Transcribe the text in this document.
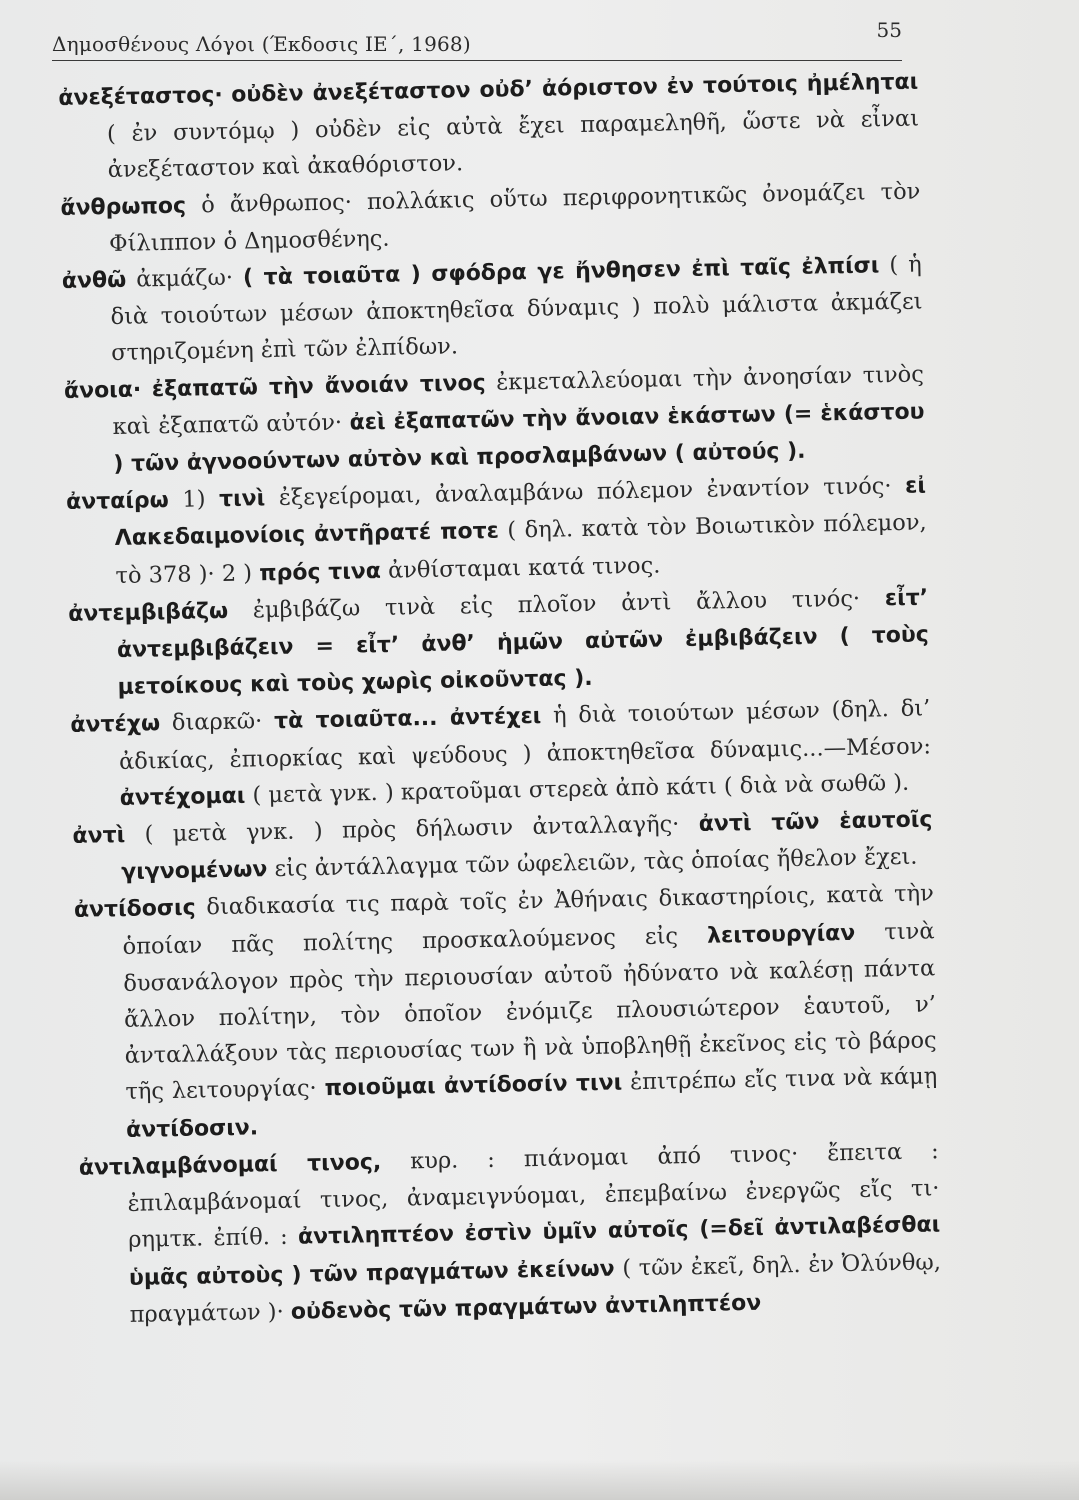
Δημοσθένους Λόγοι (Έκδοσις ΙΕ΄, 1968)
55

ἀνεξέταστος· οὐδὲν ἀνεξέταστον οὐδ’ ἀόριστον ἐν τούτοις ἠμέληται ( ἐν συντόμῳ ) οὐδὲν εἰς αὐτὰ ἔχει παραμεληθῆ, ὥστε νὰ εἶναι ἀνεξέταστον καὶ ἀκαθόριστον.

ἄνθρωπος ὁ ἄνθρωπος· πολλάκις οὕτω περιφρονητικῶς ὀνομάζει τὸν Φίλιππον ὁ Δημοσθένης.

ἀνθῶ ἀκμάζω· ( τὰ τοιαῦτα ) σφόδρα γε ἤνθησεν ἐπὶ ταῖς ἐλπίσι ( ἡ διὰ τοιούτων μέσων ἀποκτηθεῖσα δύναμις ) πολὺ μάλιστα ἀκμάζει στηριζομένη ἐπὶ τῶν ἐλπίδων.

ἄνοια· ἐξαπατῶ τὴν ἄνοιάν τινος ἐκμεταλλεύομαι τὴν ἀνοησίαν τινὸς καὶ ἐξαπατῶ αὐτόν· ἀεὶ ἐξαπατῶν τὴν ἄνοιαν ἑκάστων (= ἑκάστου ) τῶν ἀγνοούντων αὐτὸν καὶ προσλαμβάνων ( αὐτούς ).

ἀνταίρω 1) τινὶ ἐξεγείρομαι, ἀναλαμβάνω πόλεμον ἐναντίον τινός· εἰ Λακεδαιμονίοις ἀντῆρατέ ποτε ( δηλ. κατὰ τὸν Βοιωτικὸν πόλεμον, τὸ 378 )· 2 ) πρός τινα ἀνθίσταμαι κατά τινος.

ἀντεμβιβάζω ἐμβιβάζω τινὰ εἰς πλοῖον ἀντὶ ἄλλου τινός· εἶτ’ ἀντεμβιβάζειν = εἶτ’ ἀνθ’ ἡμῶν αὐτῶν ἐμβιβάζειν ( τοὺς μετοίκους καὶ τοὺς χωρὶς οἰκοῦντας ).

ἀντέχω διαρκῶ· τὰ τοιαῦτα... ἀντέχει ἡ διὰ τοιούτων μέσων (δηλ. δι’ ἀδικίας, ἐπιορκίας καὶ ψεύδους ) ἀποκτηθεῖσα δύναμις...—Μέσον: ἀντέχομαι ( μετὰ γνκ. ) κρατοῦμαι στερεὰ ἀπὸ κάτι ( διὰ νὰ σωθῶ ).

ἀντὶ ( μετὰ γνκ. ) πρὸς δήλωσιν ἀνταλλαγῆς· ἀντὶ τῶν ἑαυτοῖς γιγνομένων εἰς ἀντάλλαγμα τῶν ὠφελειῶν, τὰς ὁποίας ἤθελον ἔχει.

ἀντίδοσις διαδικασία τις παρὰ τοῖς ἐν Ἀθήναις δικαστηρίοις, κατὰ τὴν ὁποίαν πᾶς πολίτης προσκαλούμενος εἰς λειτουργίαν τινὰ δυσανάλογον πρὸς τὴν περιουσίαν αὐτοῦ ἠδύνατο νὰ καλέσῃ πάντα ἄλλον πολίτην, τὸν ὁποῖον ἐνόμιζε πλουσιώτερον ἑαυτοῦ, ν’ ἀνταλλάξουν τὰς περιουσίας των ἢ νὰ ὑποβληθῇ ἐκεῖνος εἰς τὸ βάρος τῆς λειτουργίας· ποιοῦμαι ἀντίδοσίν τινι ἐπιτρέπω εἴς τινα νὰ κάμῃ ἀντίδοσιν.

ἀντιλαμβάνομαί τινος, κυρ. : πιάνομαι ἀπό τινος· ἔπειτα : ἐπιλαμβάνομαί τινος, ἀναμειγνύομαι, ἐπεμβαίνω ἐνεργῶς εἴς τι· ρημτκ. ἐπίθ. : ἀντιληπτέον ἐστὶν ὑμῖν αὐτοῖς (=δεῖ ἀντιλαβέσθαι ὑμᾶς αὐτοὺς ) τῶν πραγμάτων ἐκείνων ( τῶν ἐκεῖ, δηλ. ἐν Ὀλύνθῳ, πραγμάτων )· οὐδενὸς τῶν πραγμάτων ἀντιληπτέον
